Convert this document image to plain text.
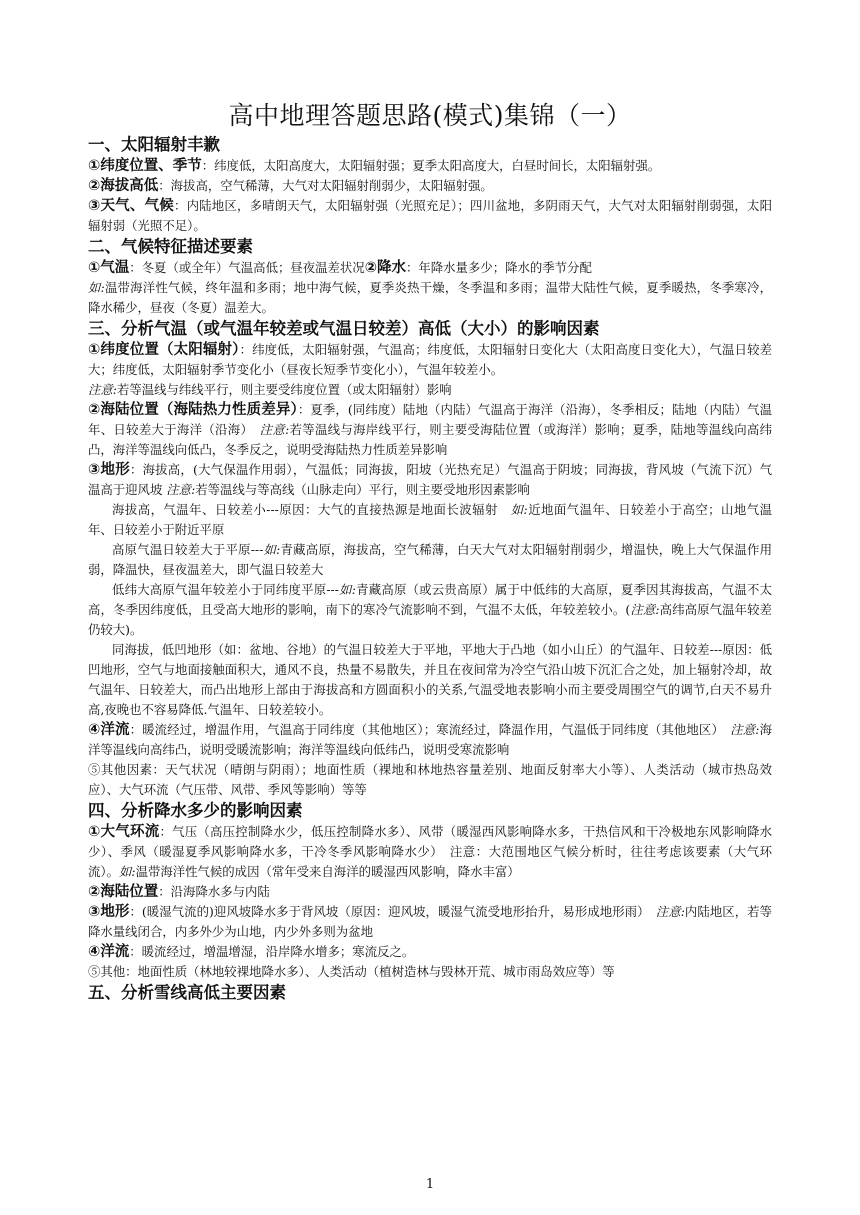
高中地理答题思路(模式)集锦（一）
一、太阳辐射丰歉

①纬度位置、季节：纬度低，太阳高度大，太阳辐射强；夏季太阳高度大，白昼时间长，太阳辐射强。

②海拔高低：海拔高，空气稀薄，大气对太阳辐射削弱少，太阳辐射强。

③天气、气候：内陆地区，多晴朗天气，太阳辐射强（光照充足）；四川盆地，多阴雨天气，大气对太阳辐射削弱强，太阳辐射弱（光照不足）。

二、气候特征描述要素

①气温：冬夏（或全年）气温高低；昼夜温差状况②降水：年降水量多少；降水的季节分配

如:温带海洋性气候，终年温和多雨；地中海气候，夏季炎热干燥，冬季温和多雨；温带大陆性气候，夏季暖热，冬季寒冷，降水稀少，昼夜（冬夏）温差大。

三、分析气温（或气温年较差或气温日较差）高低（大小）的影响因素

①纬度位置（太阳辐射）：纬度低，太阳辐射强，气温高；纬度低，太阳辐射日变化大（太阳高度日变化大），气温日较差大；纬度低，太阳辐射季节变化小（昼夜长短季节变化小），气温年较差小。

注意:若等温线与纬线平行，则主要受纬度位置（或太阳辐射）影响

②海陆位置（海陆热力性质差异）：夏季，(同纬度）陆地（内陆）气温高于海洋（沿海），冬季相反；陆地（内陆）气温年、日较差大于海洋（沿海）　注意:若等温线与海岸线平行，则主要受海陆位置（或海洋）影响；夏季，陆地等温线向高纬凸，海洋等温线向低凸，冬季反之，说明受海陆热力性质差异影响

③地形：海拔高，(大气保温作用弱），气温低；同海拔，阳坡（光热充足）气温高于阴坡；同海拔，背风坡（气流下沉）气温高于迎风坡 注意:若等温线与等高线（山脉走向）平行，则主要受地形因素影响

海拔高，气温年、日较差小---原因：大气的直接热源是地面长波辐射　如:近地面气温年、日较差小于高空；山地气温年、日较差小于附近平原

高原气温日较差大于平原---如:青藏高原，海拔高，空气稀薄，白天大气对太阳辐射削弱少，增温快，晚上大气保温作用弱，降温快，昼夜温差大，即气温日较差大

低纬大高原气温年较差小于同纬度平原---如:青藏高原（或云贵高原）属于中低纬的大高原，夏季因其海拔高，气温不太高，冬季因纬度低，且受高大地形的影响，南下的寒冷气流影响不到，气温不太低，年较差较小。(注意:高纬高原气温年较差仍较大)。

同海拔，低凹地形（如：盆地、谷地）的气温日较差大于平地，平地大于凸地（如小山丘）的气温年、日较差---原因：低凹地形，空气与地面接触面积大，通风不良，热量不易散失，并且在夜间常为冷空气沿山坡下沉汇合之处，加上辐射冷却，故气温年、日较差大，而凸出地形上部由于海拔高和方圆面积小的关系,气温受地表影响小而主要受周围空气的调节,白天不易升高,夜晚也不容易降低.气温年、日较差较小。

④洋流：暖流经过，增温作用，气温高于同纬度（其他地区）；寒流经过，降温作用，气温低于同纬度（其他地区）　注意:海洋等温线向高纬凸，说明受暖流影响；海洋等温线向低纬凸，说明受寒流影响

⑤其他因素：天气状况（晴朗与阴雨）；地面性质（裸地和林地热容量差别、地面反射率大小等）、人类活动（城市热岛效应）、大气环流（气压带、风带、季风等影响）等等

四、分析降水多少的影响因素

①大气环流：气压（高压控制降水少，低压控制降水多）、风带（暖湿西风影响降水多，干热信风和干冷极地东风影响降水少）、季风（暖湿夏季风影响降水多，干冷冬季风影响降水少）　注意：大范围地区气候分析时，往往考虑该要素（大气环流）。如:温带海洋性气候的成因（常年受来自海洋的暖湿西风影响，降水丰富）

②海陆位置：沿海降水多与内陆

③地形：(暖湿气流的)迎风坡降水多于背风坡（原因：迎风坡，暖湿气流受地形抬升，易形成地形雨）　注意:内陆地区，若等降水量线闭合，内多外少为山地，内少外多则为盆地

④洋流：暖流经过，增温增湿，沿岸降水增多；寒流反之。

⑤其他：地面性质（林地较裸地降水多）、人类活动（植树造林与毁林开荒、城市雨岛效应等）等

五、分析雪线高低主要因素
1
